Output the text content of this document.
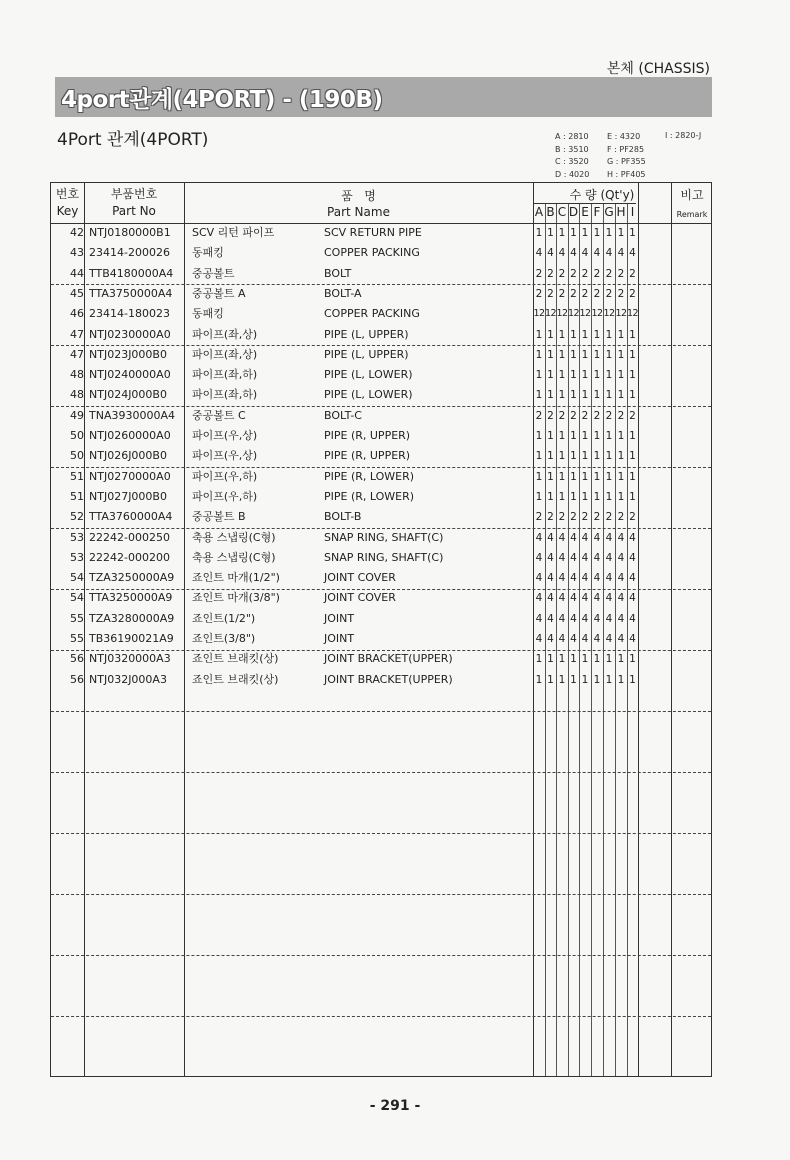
본체 (CHASSIS)
4port관계(4PORT) - (190B)
4Port 관계(4PORT)	A : 2810
B : 3510
C : 3520
D : 4020
E : 4320
F : PF285
G : PF355
H : PF405
I : 2820-J
번호
Key
부품번호
Part No
품   명
Part Name
수 량 (Qt'y)	비고
Remark
A B C D E F G H I
42 NTJ0180000B1	SCV 리턴 파이프	SCV RETURN PIPE	1 1 1 1 1 1 1 1 1
43 23414-200026	동패킹	COPPER PACKING	4 4 4 4 4 4 4 4 4
44 TTB4180000A4	중공볼트	BOLT	2 2 2 2 2 2 2 2 2
45 TTA3750000A4	중공볼트 A	BOLT-A	2 2 2 2 2 2 2 2 2
46 23414-180023	동패킹	COPPER PACKING	12 12 12 12 12 12 12 12 12
47 NTJ0230000A0	파이프(좌,상)	PIPE (L, UPPER)	1 1 1 1 1 1 1 1 1
47 NTJ023J000B0	파이프(좌,상)	PIPE (L, UPPER)	1 1 1 1 1 1 1 1 1
48 NTJ0240000A0	파이프(좌,하)	PIPE (L, LOWER)	1 1 1 1 1 1 1 1 1
48 NTJ024J000B0	파이프(좌,하)	PIPE (L, LOWER)	1 1 1 1 1 1 1 1 1
49 TNA3930000A4	중공볼트 C	BOLT-C	2 2 2 2 2 2 2 2 2
50 NTJ0260000A0	파이프(우,상)	PIPE (R, UPPER)	1 1 1 1 1 1 1 1 1
50 NTJ026J000B0	파이프(우,상)	PIPE (R, UPPER)	1 1 1 1 1 1 1 1 1
51 NTJ0270000A0	파이프(우,하)	PIPE (R, LOWER)	1 1 1 1 1 1 1 1 1
51 NTJ027J000B0	파이프(우,하)	PIPE (R, LOWER)	1 1 1 1 1 1 1 1 1
52 TTA3760000A4	중공볼트 B	BOLT-B	2 2 2 2 2 2 2 2 2
53 22242-000250	축용 스냅링(C형)	SNAP RING, SHAFT(C)	4 4 4 4 4 4 4 4 4
53 22242-000200	축용 스냅링(C형)	SNAP RING, SHAFT(C)	4 4 4 4 4 4 4 4 4
54 TZA3250000A9	죠인트 마개(1/2")	JOINT COVER	4 4 4 4 4 4 4 4 4
54 TTA3250000A9	죠인트 마개(3/8")	JOINT COVER	4 4 4 4 4 4 4 4 4
55 TZA3280000A9	죠인트(1/2")	JOINT	4 4 4 4 4 4 4 4 4
55 TB36190021A9	죠인트(3/8")	JOINT	4 4 4 4 4 4 4 4 4
56 NTJ0320000A3	죠인트 브래킷(상)	JOINT BRACKET(UPPER)	1 1 1 1 1 1 1 1 1
56 NTJ032J000A3	죠인트 브래킷(상)	JOINT BRACKET(UPPER)	1 1 1 1 1 1 1 1 1
- 291 -
